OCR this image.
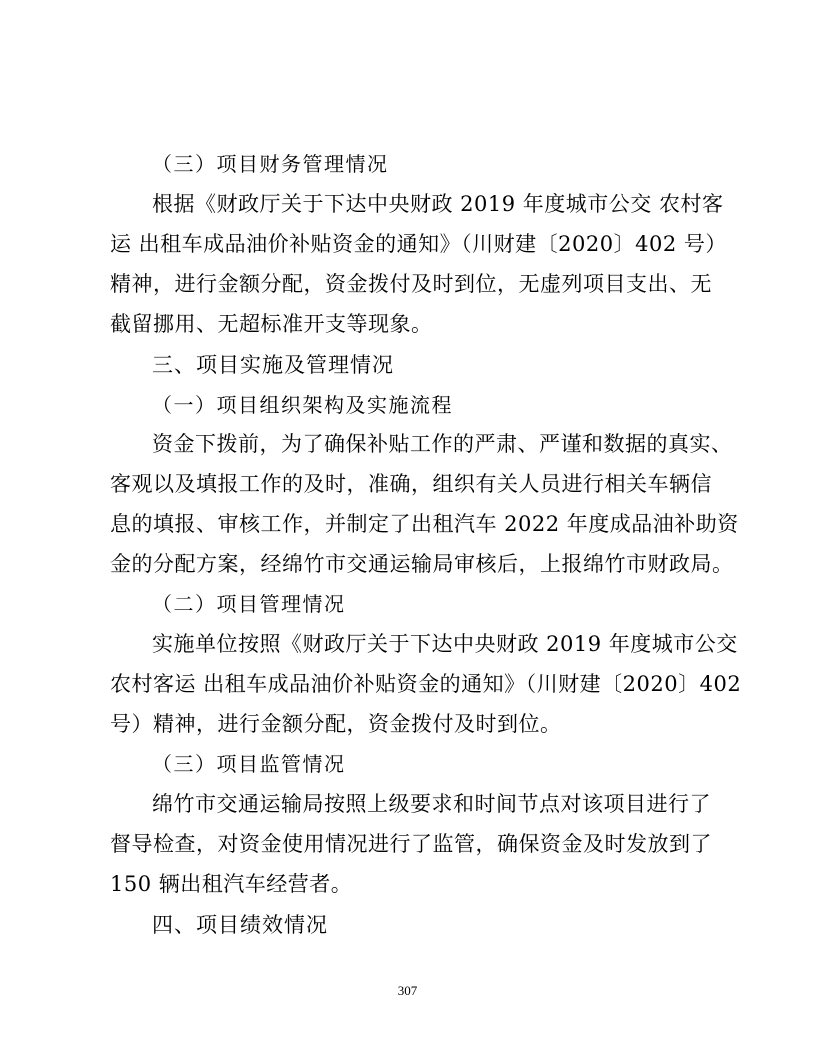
（三）项目财务管理情况

根据《财政厅关于下达中央财政 2019 年度城市公交 农村客

运 出租车成品油价补贴资金的通知》（川财建〔2020〕402 号）

精神，进行金额分配，资金拨付及时到位，无虚列项目支出、无

截留挪用、无超标准开支等现象。

三、项目实施及管理情况

（一）项目组织架构及实施流程

资金下拨前，为了确保补贴工作的严肃、严谨和数据的真实、

客观以及填报工作的及时，准确，组织有关人员进行相关车辆信

息的填报、审核工作，并制定了出租汽车 2022 年度成品油补助资

金的分配方案，经绵竹市交通运输局审核后，上报绵竹市财政局。

（二）项目管理情况

实施单位按照《财政厅关于下达中央财政 2019 年度城市公交

农村客运 出租车成品油价补贴资金的通知》（川财建〔2020〕402

号）精神，进行金额分配，资金拨付及时到位。

（三）项目监管情况

绵竹市交通运输局按照上级要求和时间节点对该项目进行了

督导检查，对资金使用情况进行了监管，确保资金及时发放到了

150 辆出租汽车经营者。

四、项目绩效情况

307
